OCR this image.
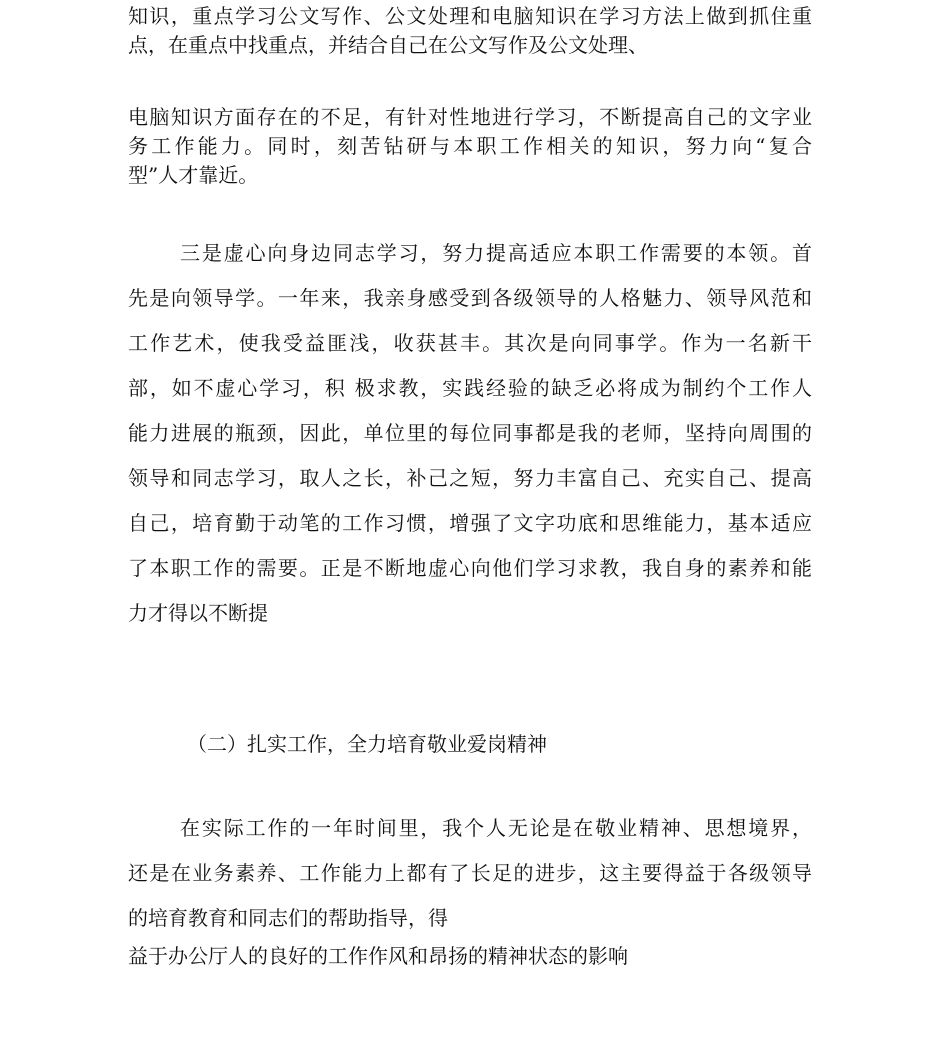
知识，重点学习公文写作、公文处理和电脑知识在学习方法上做到抓住重
点，在重点中找重点，并结合自己在公文写作及公文处理、
电脑知识方面存在的不足，有针对性地进行学习，不断提高自己的文字业
务工作能力。同时，刻苦钻研与本职工作相关的知识，努力向“复合
型”人才靠近。
三是虚心向身边同志学习，努力提高适应本职工作需要的本领。首
先是向领导学。一年来，我亲身感受到各级领导的人格魅力、领导风范和
工作艺术，使我受益匪浅，收获甚丰。其次是向同事学。作为一名新干
部，如不虚心学习，积 极求教，实践经验的缺乏必将成为制约个工作人
能力进展的瓶颈，因此，单位里的每位同事都是我的老师，坚持向周围的
领导和同志学习，取人之长，补己之短，努力丰富自己、充实自己、提高
自己，培育勤于动笔的工作习惯，增强了文字功底和思维能力，基本适应
了本职工作的需要。正是不断地虚心向他们学习求教，我自身的素养和能
力才得以不断提
（二）扎实工作，全力培育敬业爱岗精神
在实际工作的一年时间里，我个人无论是在敬业精神、思想境界，
还是在业务素养、工作能力上都有了长足的进步，这主要得益于各级领导
的培育教育和同志们的帮助指导，得
益于办公厅人的良好的工作作风和昂扬的精神状态的影响
